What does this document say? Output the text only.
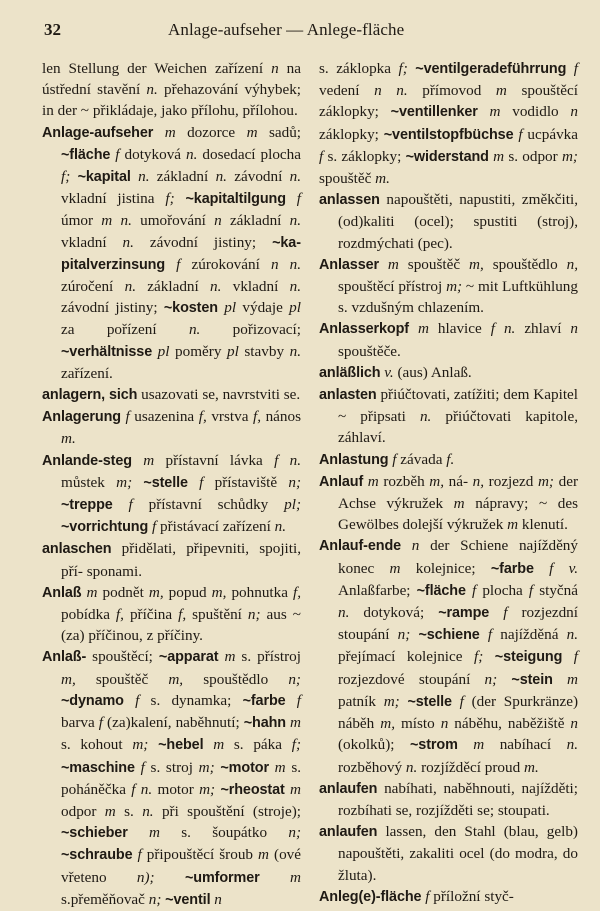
32	Anlage-aufseher — Anlege-fläche

len Stellung der Weichen zařízení n na ústřední stavění n. přehazování výhybek; in der ~ přikládaje, jako přílohu, přílohou.

Anlage-aufseher m dozorce m sadů; ~fläche f dotyková n. dosedací plocha f; ~kapital n. základní n. závodní n. vkladní jistina f; ~kapitaltilgung f úmor m n. umořování n základní n. vkladní n. závodní jistiny; ~kapitalverzinsung f zúrokování n n. zúročení n. základní n. vkladní n. závodní jistiny; ~kosten pl výdaje pl za pořízení n. pořizovací; ~verhältnisse pl poměry pl stavby n. zařízení.

anlagern, sich usazovati se, navrstviti se.

Anlagerung f usazenina f, vrstva f, nános m.

Anlande-steg m přístavní lávka f n. můstek m; ~stelle f přístaviště n; ~treppe f přístavní schůdky pl; ~vorrichtung f přistávací zařízení n.

anlaschen přidělati, připevniti, spojiti, pří- sponami.

Anlaß m podnět m, popud m, pohnutka f, pobídka f, příčina f, spuštění n; aus ~ (za) příčinou, z příčiny.

Anlaß- spouštěcí; ~apparat m s. přístroj m, spouštěč m, spouštědlo n; ~dynamo f s. dynamka; ~farbe f barva f (za)kalení, naběhnutí; ~hahn m s. kohout m; ~hebel m s. páka f; ~maschine f s. stroj m; ~motor m s. poháněčka f n. motor m; ~rheostat m odpor m s. n. při spouštění (stroje); ~schieber m s. šoupátko n; ~schraube f připouštěcí šroub m (ové vřeteno n); ~umformer m s.přeměňovač n; ~ventil n

s. záklopka f; ~ventilgeradeführrung f vedení n n. přímovod m spouštěcí záklopky; ~ventillenker m vodidlo n záklopky; ~ventilstopfbüchse f ucpávka f s. záklopky; ~widerstand m s. odpor m; spouštěč m.

anlassen napouštěti, napustiti, změkčiti, (od)kaliti (ocel); spustiti (stroj), rozdmýchati (pec).

Anlasser m spouštěč m, spouštědlo n, spouštěcí přístroj m; ~ mit Luftkühlung s. vzdušným chlazením.

Anlasserkopf m hlavice f n. zhlaví n spouštěče.

anläßlich v. (aus) Anlaß.

anlasten přiúčtovati, zatížiti; dem Kapitel ~ připsati n. přiúčtovati kapitole, záhlaví.

Anlastung f závada f.

Anlauf m rozběh m, ná- n, rozjezd m; der Achse výkružek m nápravy; ~ des Gewölbes dolejší výkružek m klenutí.

Anlauf-ende n der Schiene najížděný konec m kolejnice; ~farbe f v. Anlaßfarbe; ~fläche f plocha f styčná n. dotyková; ~rampe f rozjezdní stoupání n; ~schiene f najížděná n. přejímací kolejnice f; ~steigung f rozjezdové stoupání n; ~stein m patník m; ~stelle f (der Spurkränze) náběh m, místo n náběhu, naběžiště n (okolků); ~strom m nabíhací n. rozběhový n. rozjížděcí proud m.

anlaufen nabíhati, naběhnouti, najížděti; rozbíhati se, rozjížděti se; stoupati.

anlaufen lassen, den Stahl (blau, gelb) napouštěti, zakaliti ocel (do modra, do žluta).

Anleg(e)-fläche f příložní styč-
